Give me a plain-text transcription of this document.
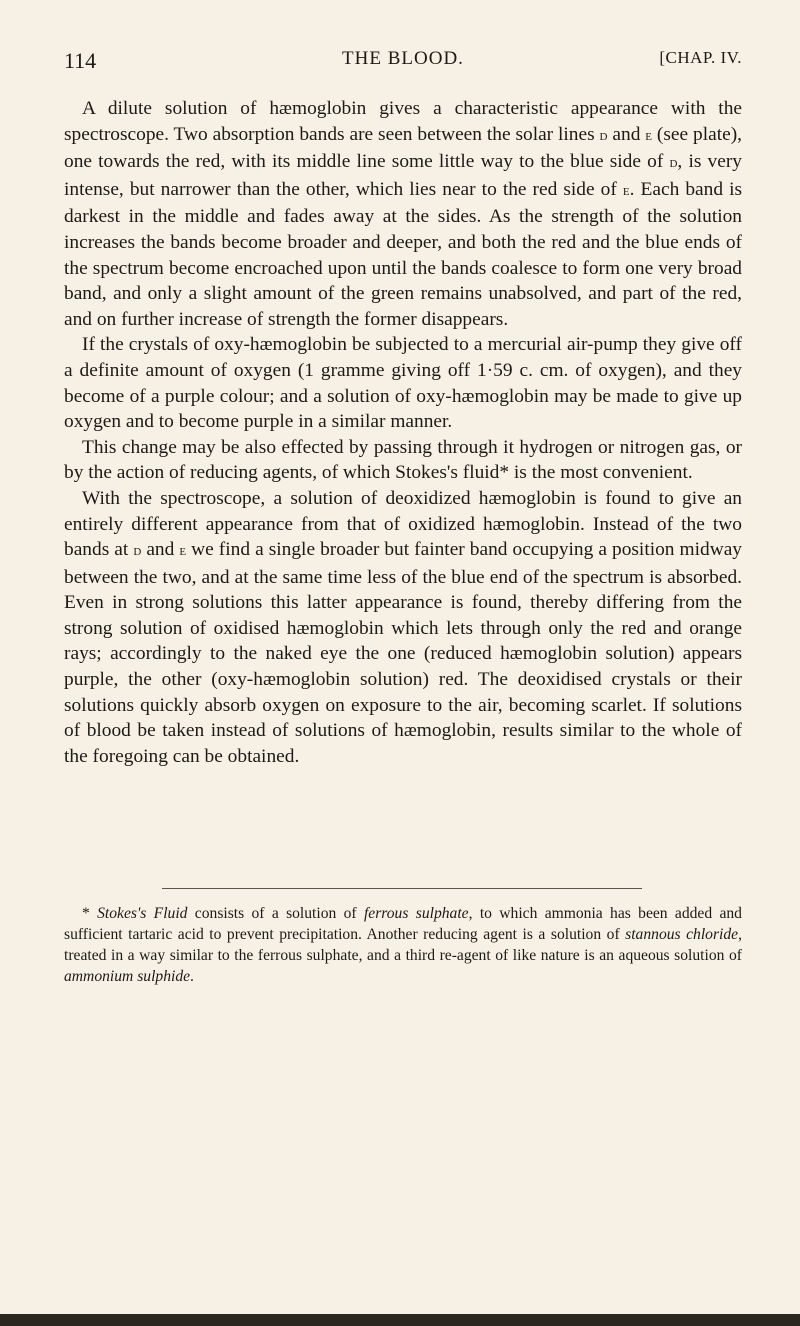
114	THE BLOOD.	[CHAP. IV.

A dilute solution of hæmoglobin gives a characteristic appearance with the spectroscope. Two absorption bands are seen between the solar lines d and e (see plate), one towards the red, with its middle line some little way to the blue side of d, is very intense, but narrower than the other, which lies near to the red side of e. Each band is darkest in the middle and fades away at the sides. As the strength of the solution increases the bands become broader and deeper, and both the red and the blue ends of the spectrum become encroached upon until the bands coalesce to form one very broad band, and only a slight amount of the green remains unabsolved, and part of the red, and on further increase of strength the former disappears.

If the crystals of oxy-hæmoglobin be subjected to a mercurial air-pump they give off a definite amount of oxygen (1 gramme giving off 1·59 c. cm. of oxygen), and they become of a purple colour; and a solution of oxy-hæmoglobin may be made to give up oxygen and to become purple in a similar manner.

This change may be also effected by passing through it hydrogen or nitrogen gas, or by the action of reducing agents, of which Stokes's fluid* is the most convenient.

With the spectroscope, a solution of deoxidized hæmoglobin is found to give an entirely different appearance from that of oxidized hæmoglobin. Instead of the two bands at d and e we find a single broader but fainter band occupying a position midway between the two, and at the same time less of the blue end of the spectrum is absorbed. Even in strong solutions this latter appearance is found, thereby differing from the strong solution of oxidised hæmoglobin which lets through only the red and orange rays; accordingly to the naked eye the one (reduced hæmoglobin solution) appears purple, the other (oxy-hæmoglobin solution) red. The deoxidised crystals or their solutions quickly absorb oxygen on exposure to the air, becoming scarlet. If solutions of blood be taken instead of solutions of hæmoglobin, results similar to the whole of the foregoing can be obtained.

* Stokes's Fluid consists of a solution of ferrous sulphate, to which ammonia has been added and sufficient tartaric acid to prevent precipitation. Another reducing agent is a solution of stannous chloride, treated in a way similar to the ferrous sulphate, and a third re-agent of like nature is an aqueous solution of ammonium sulphide.
